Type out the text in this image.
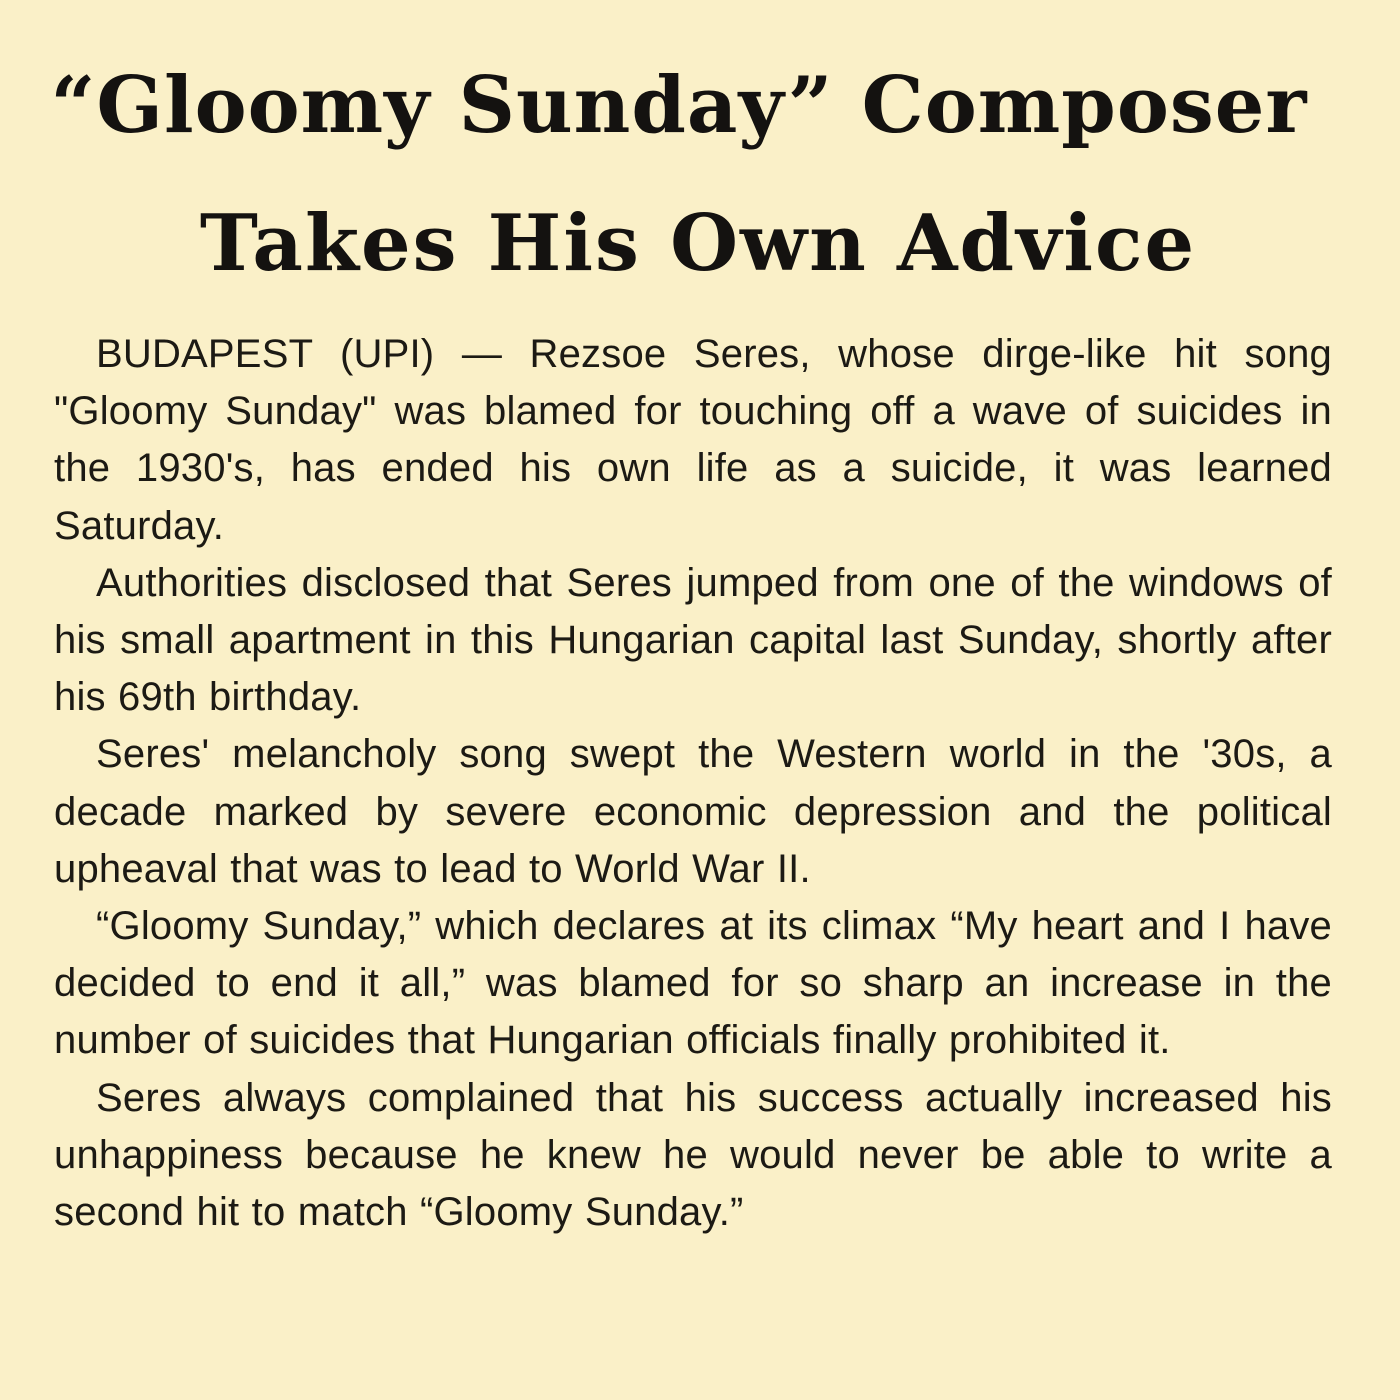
“Gloomy Sunday” Composer
Takes His Own Advice

BUDAPEST (UPI) — Rezsoe Seres, whose dirge-like hit song "Gloomy Sunday" was blamed for touching off a wave of suicides in the 1930's, has ended his own life as a suicide, it was learned Saturday.

Authorities disclosed that Seres jumped from one of the windows of his small apartment in this Hungarian capital last Sunday, shortly after his 69th birthday.

Seres' melancholy song swept the Western world in the '30s, a decade marked by severe economic depression and the political upheaval that was to lead to World War II.

“Gloomy Sunday,” which declares at its climax “My heart and I have decided to end it all,” was blamed for so sharp an increase in the number of suicides that Hungarian officials finally prohibited it.

Seres always complained that his success actually increased his unhappiness because he knew he would never be able to write a second hit to match “Gloomy Sunday.”
